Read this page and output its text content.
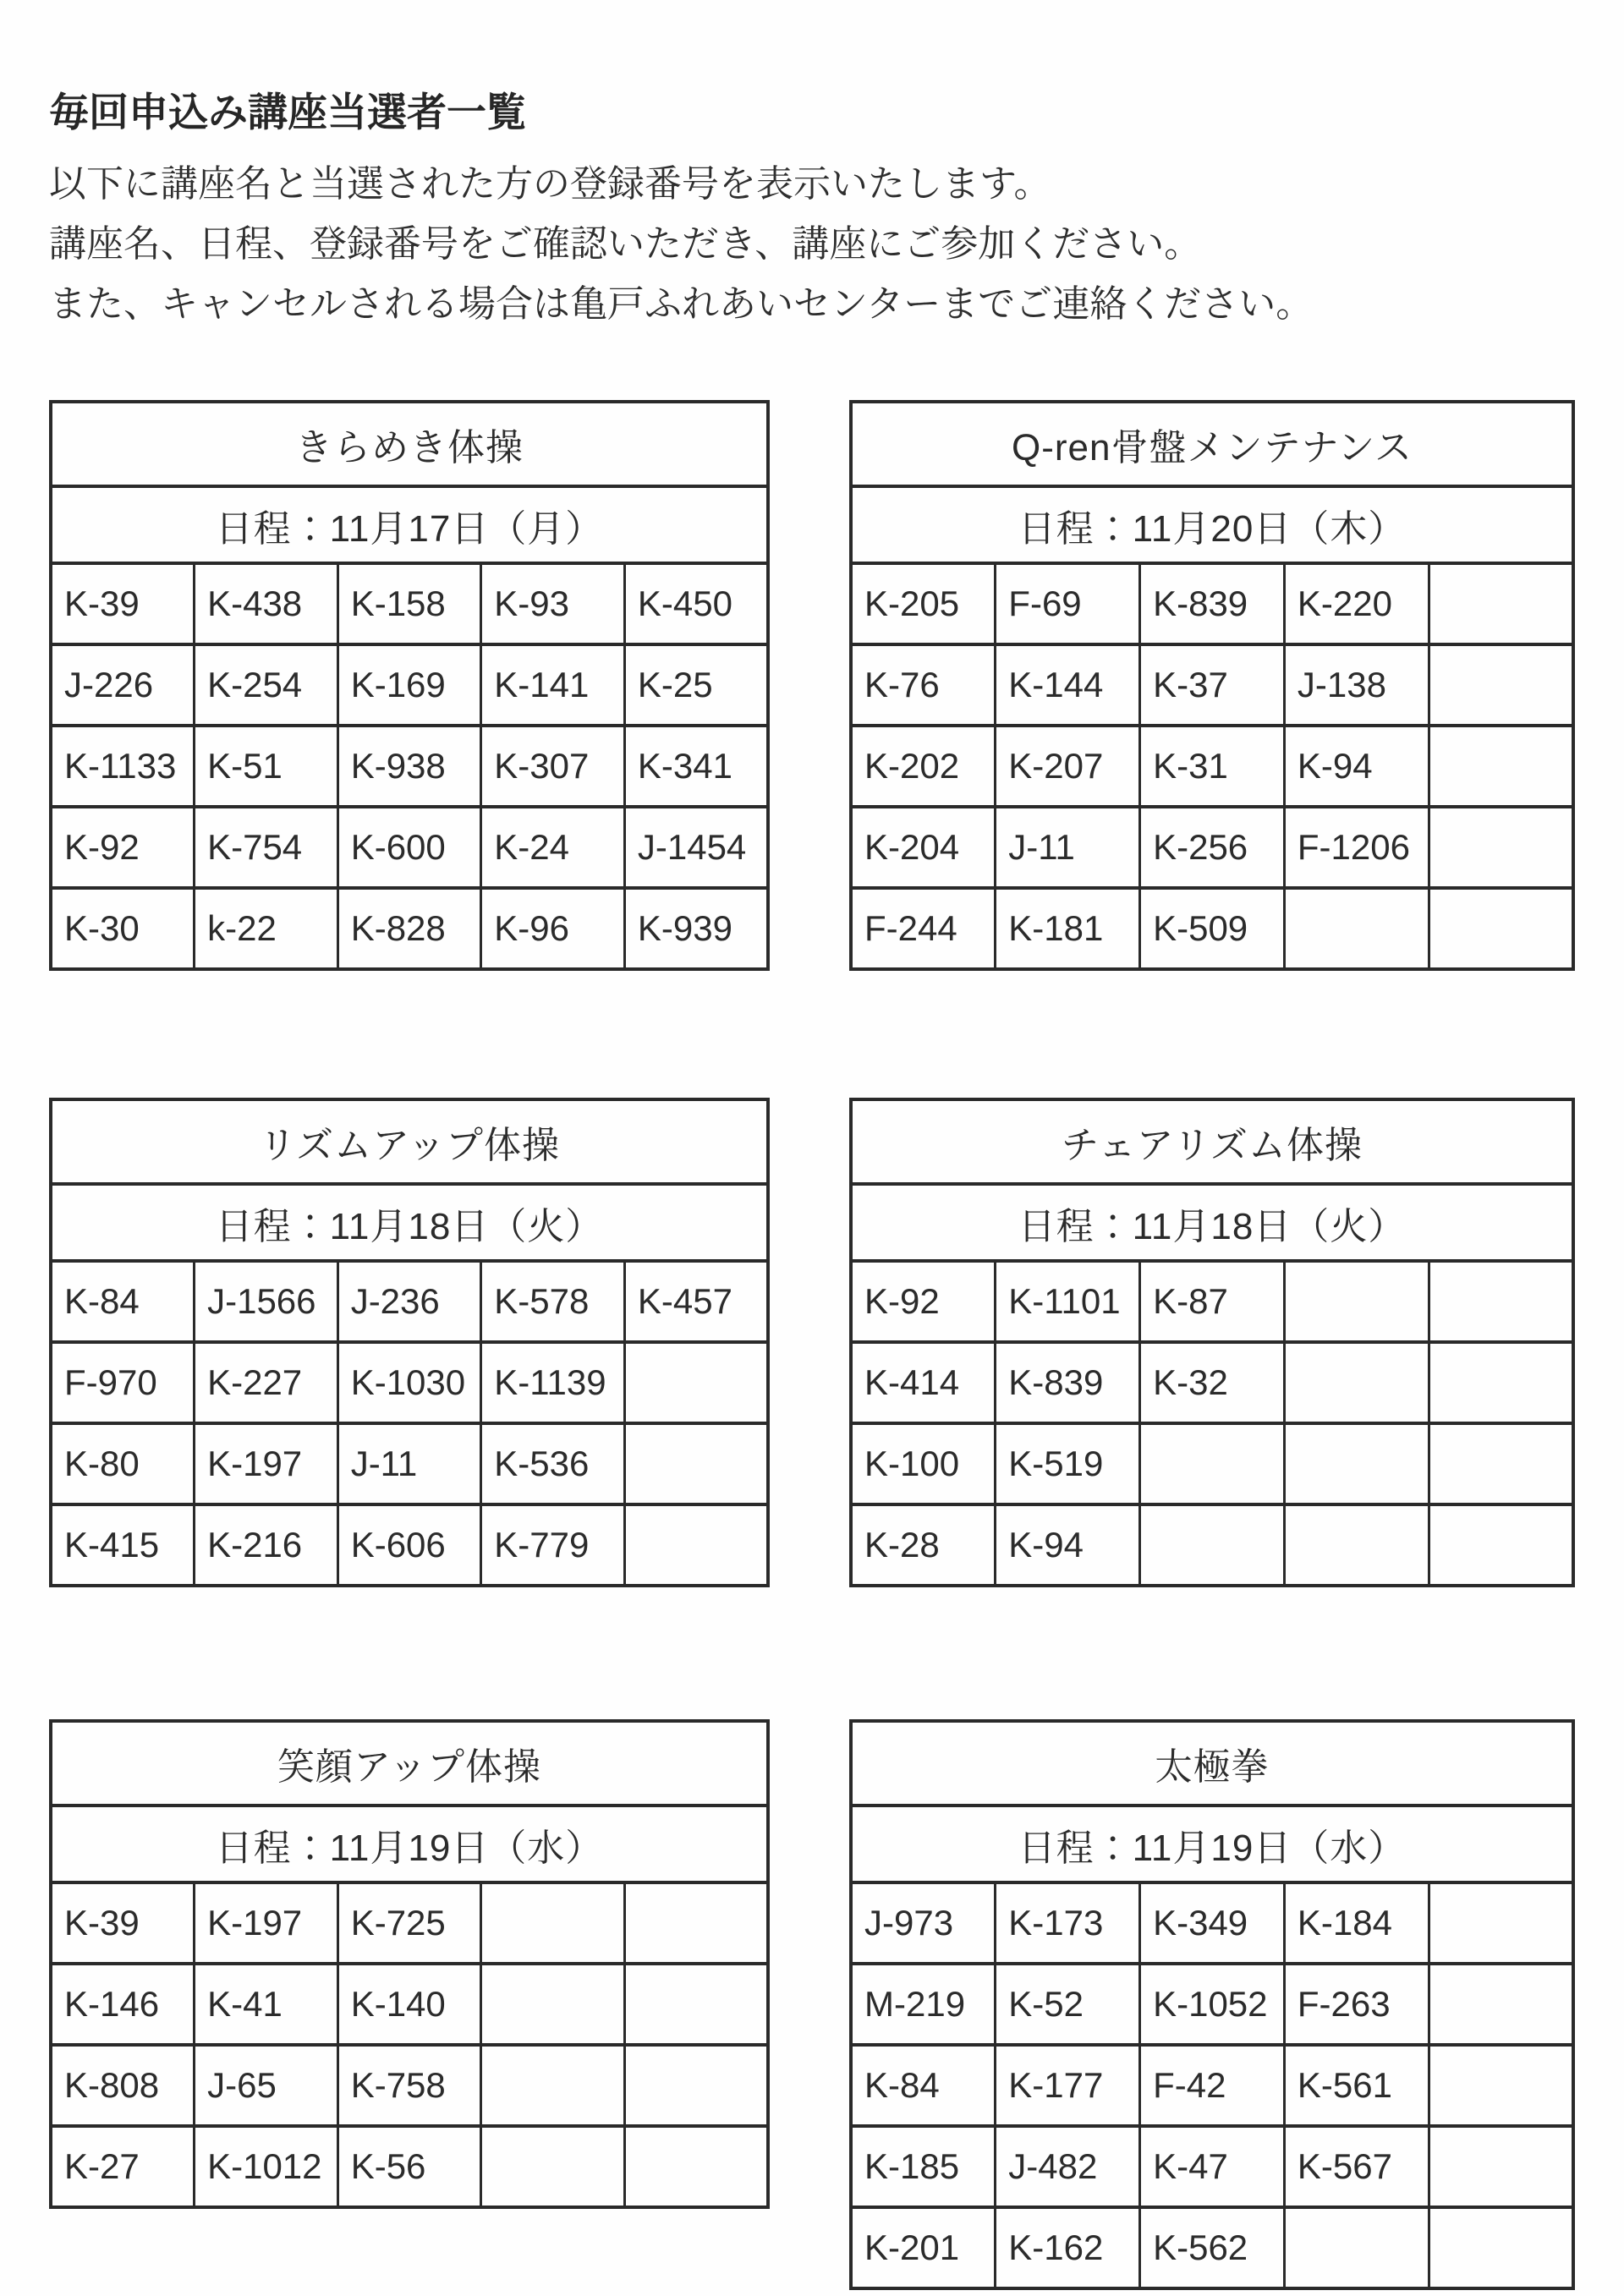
毎回申込み講座当選者一覧

以下に講座名と当選された方の登録番号を表示いたします。

講座名、日程、登録番号をご確認いただき、講座にご参加ください。

また、キャンセルされる場合は亀戸ふれあいセンターまでご連絡ください。

きらめき体操				
日程：11月17日（月）				
K-39	K-438	K-158	K-93	K-450
J-226	K-254	K-169	K-141	K-25
K-1133	K-51	K-938	K-307	K-341
K-92	K-754	K-600	K-24	J-1454
K-30	k-22	K-828	K-96	K-939
Q-ren骨盤メンテナンス				
日程：11月20日（木）				
K-205	F-69	K-839	K-220	
K-76	K-144	K-37	J-138	
K-202	K-207	K-31	K-94	
K-204	J-11	K-256	F-1206	
F-244	K-181	K-509		
リズムアップ体操				
日程：11月18日（火）				
K-84	J-1566	J-236	K-578	K-457
F-970	K-227	K-1030	K-1139	
K-80	K-197	J-11	K-536	
K-415	K-216	K-606	K-779	
チェアリズム体操				
日程：11月18日（火）				
K-92	K-1101	K-87		
K-414	K-839	K-32		
K-100	K-519			
K-28	K-94			
笑顔アップ体操				
日程：11月19日（水）				
K-39	K-197	K-725		
K-146	K-41	K-140		
K-808	J-65	K-758		
K-27	K-1012	K-56		
太極拳				
日程：11月19日（水）				
J-973	K-173	K-349	K-184	
M-219	K-52	K-1052	F-263	
K-84	K-177	F-42	K-561	
K-185	J-482	K-47	K-567	
K-201	K-162	K-562		
